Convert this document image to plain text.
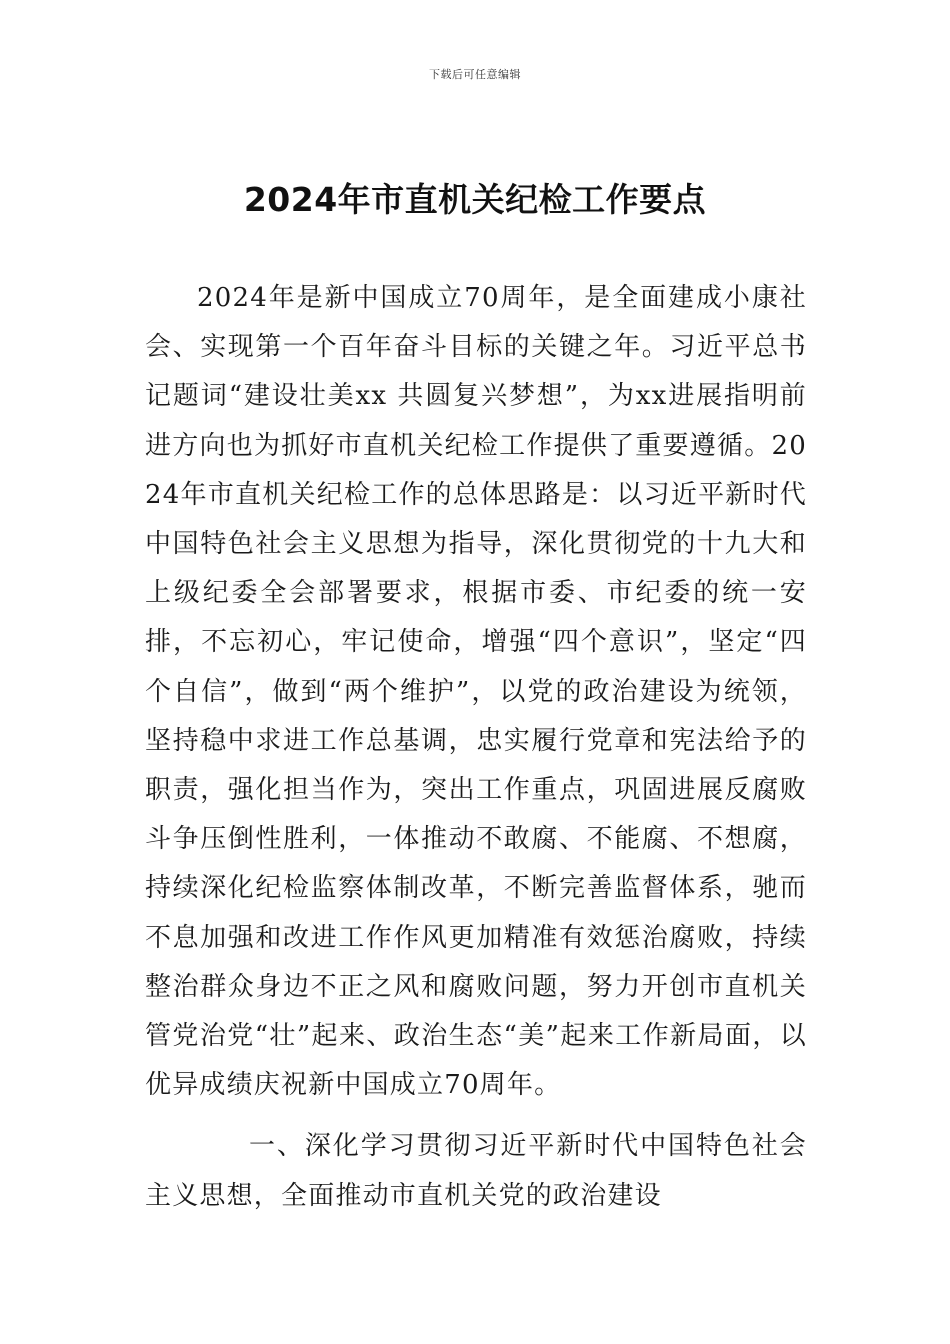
下载后可任意编辑
2024年市直机关纪检工作要点

2024年是新中国成立70周年，是全面建成小康社会、实现第一个百年奋斗目标的关键之年。习近平总书记题词“建设壮美xx 共圆复兴梦想”，为xx进展指明前进方向也为抓好市直机关纪检工作提供了重要遵循。2024年市直机关纪检工作的总体思路是：以习近平新时代中国特色社会主义思想为指导，深化贯彻党的十九大和上级纪委全会部署要求，根据市委、市纪委的统一安排，不忘初心，牢记使命，增强“四个意识”，坚定“四个自信”，做到“两个维护”，以党的政治建设为统领，坚持稳中求进工作总基调，忠实履行党章和宪法给予的职责，强化担当作为，突出工作重点，巩固进展反腐败斗争压倒性胜利，一体推动不敢腐、不能腐、不想腐，持续深化纪检监察体制改革，不断完善监督体系，驰而不息加强和改进工作作风更加精准有效惩治腐败，持续整治群众身边不正之风和腐败问题，努力开创市直机关管党治党“壮”起来、政治生态“美”起来工作新局面，以优异成绩庆祝新中国成立70周年。

一、深化学习贯彻习近平新时代中国特色社会主义思想，全面推动市直机关党的政治建设
